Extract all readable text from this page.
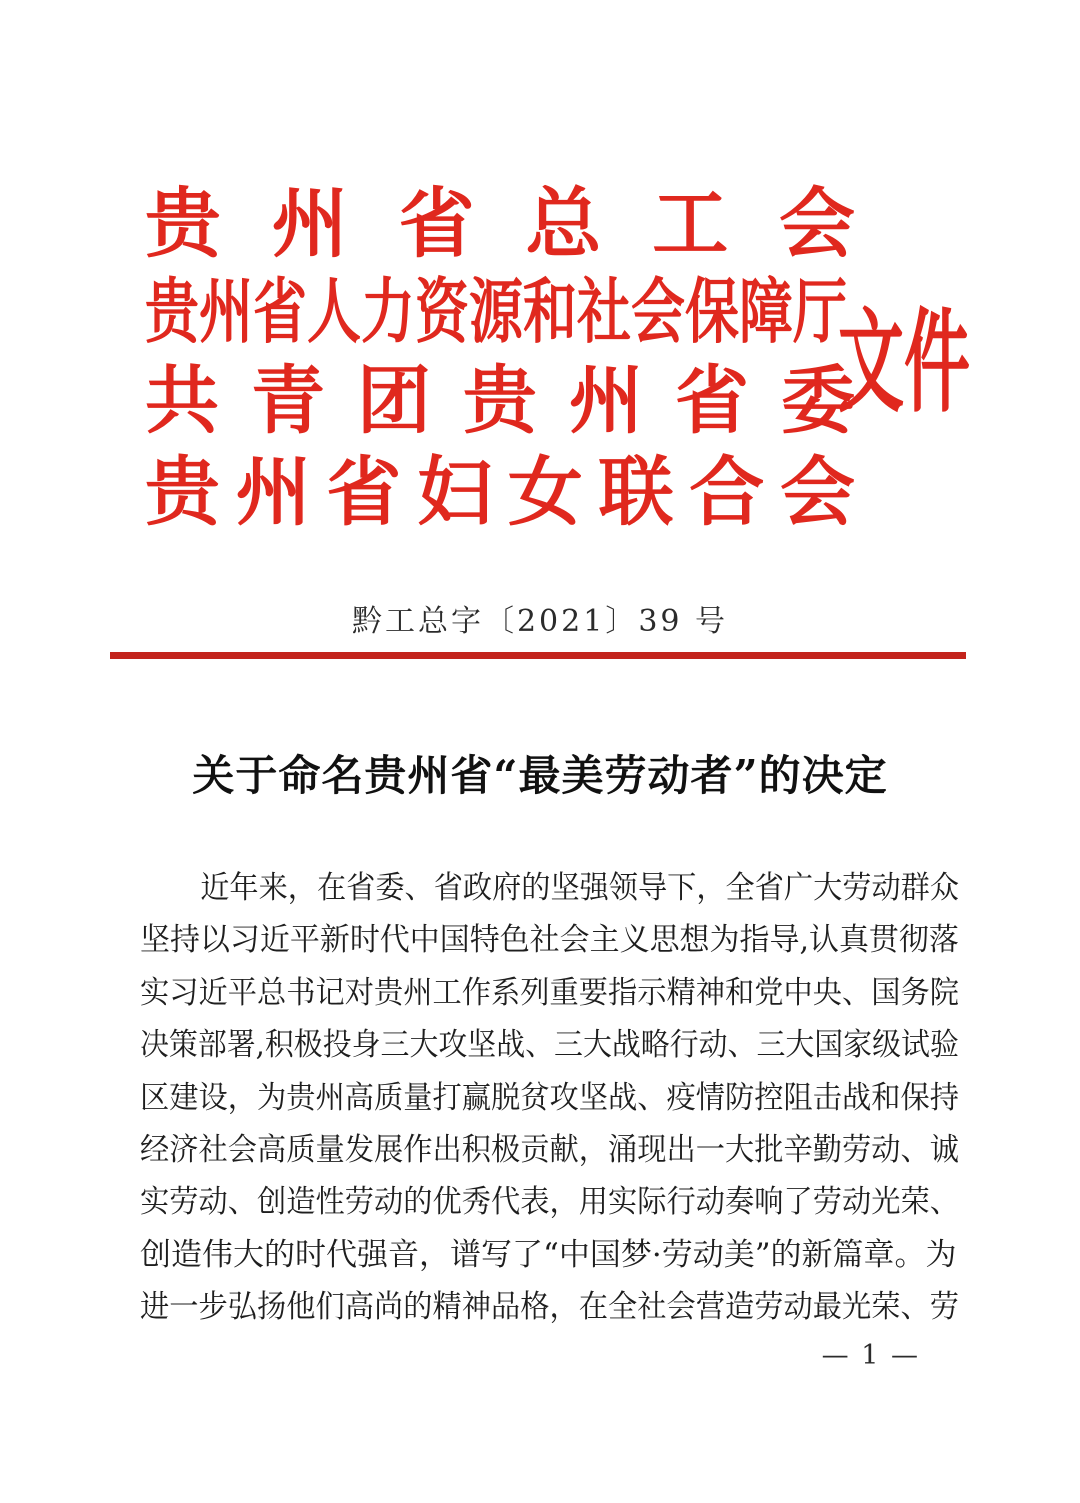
贵州省总工会
贵州省人力资源和社会保障厅
共青团贵州省委
贵州省妇女联合会
文件
黔工总字〔2021〕39 号
关于命名贵州省“最美劳动者”的决定
近年来，在省委、省政府的坚强领导下，全省广大劳动群众
坚持以习近平新时代中国特色社会主义思想为指导,认真贯彻落
实习近平总书记对贵州工作系列重要指示精神和党中央、国务院
决策部署,积极投身三大攻坚战、三大战略行动、三大国家级试验
区建设，为贵州高质量打赢脱贫攻坚战、疫情防控阻击战和保持
经济社会高质量发展作出积极贡献，涌现出一大批辛勤劳动、诚
实劳动、创造性劳动的优秀代表，用实际行动奏响了劳动光荣、
创造伟大的时代强音，谱写了“中国梦·劳动美”的新篇章。为
进一步弘扬他们高尚的精神品格，在全社会营造劳动最光荣、劳
— 1 —
